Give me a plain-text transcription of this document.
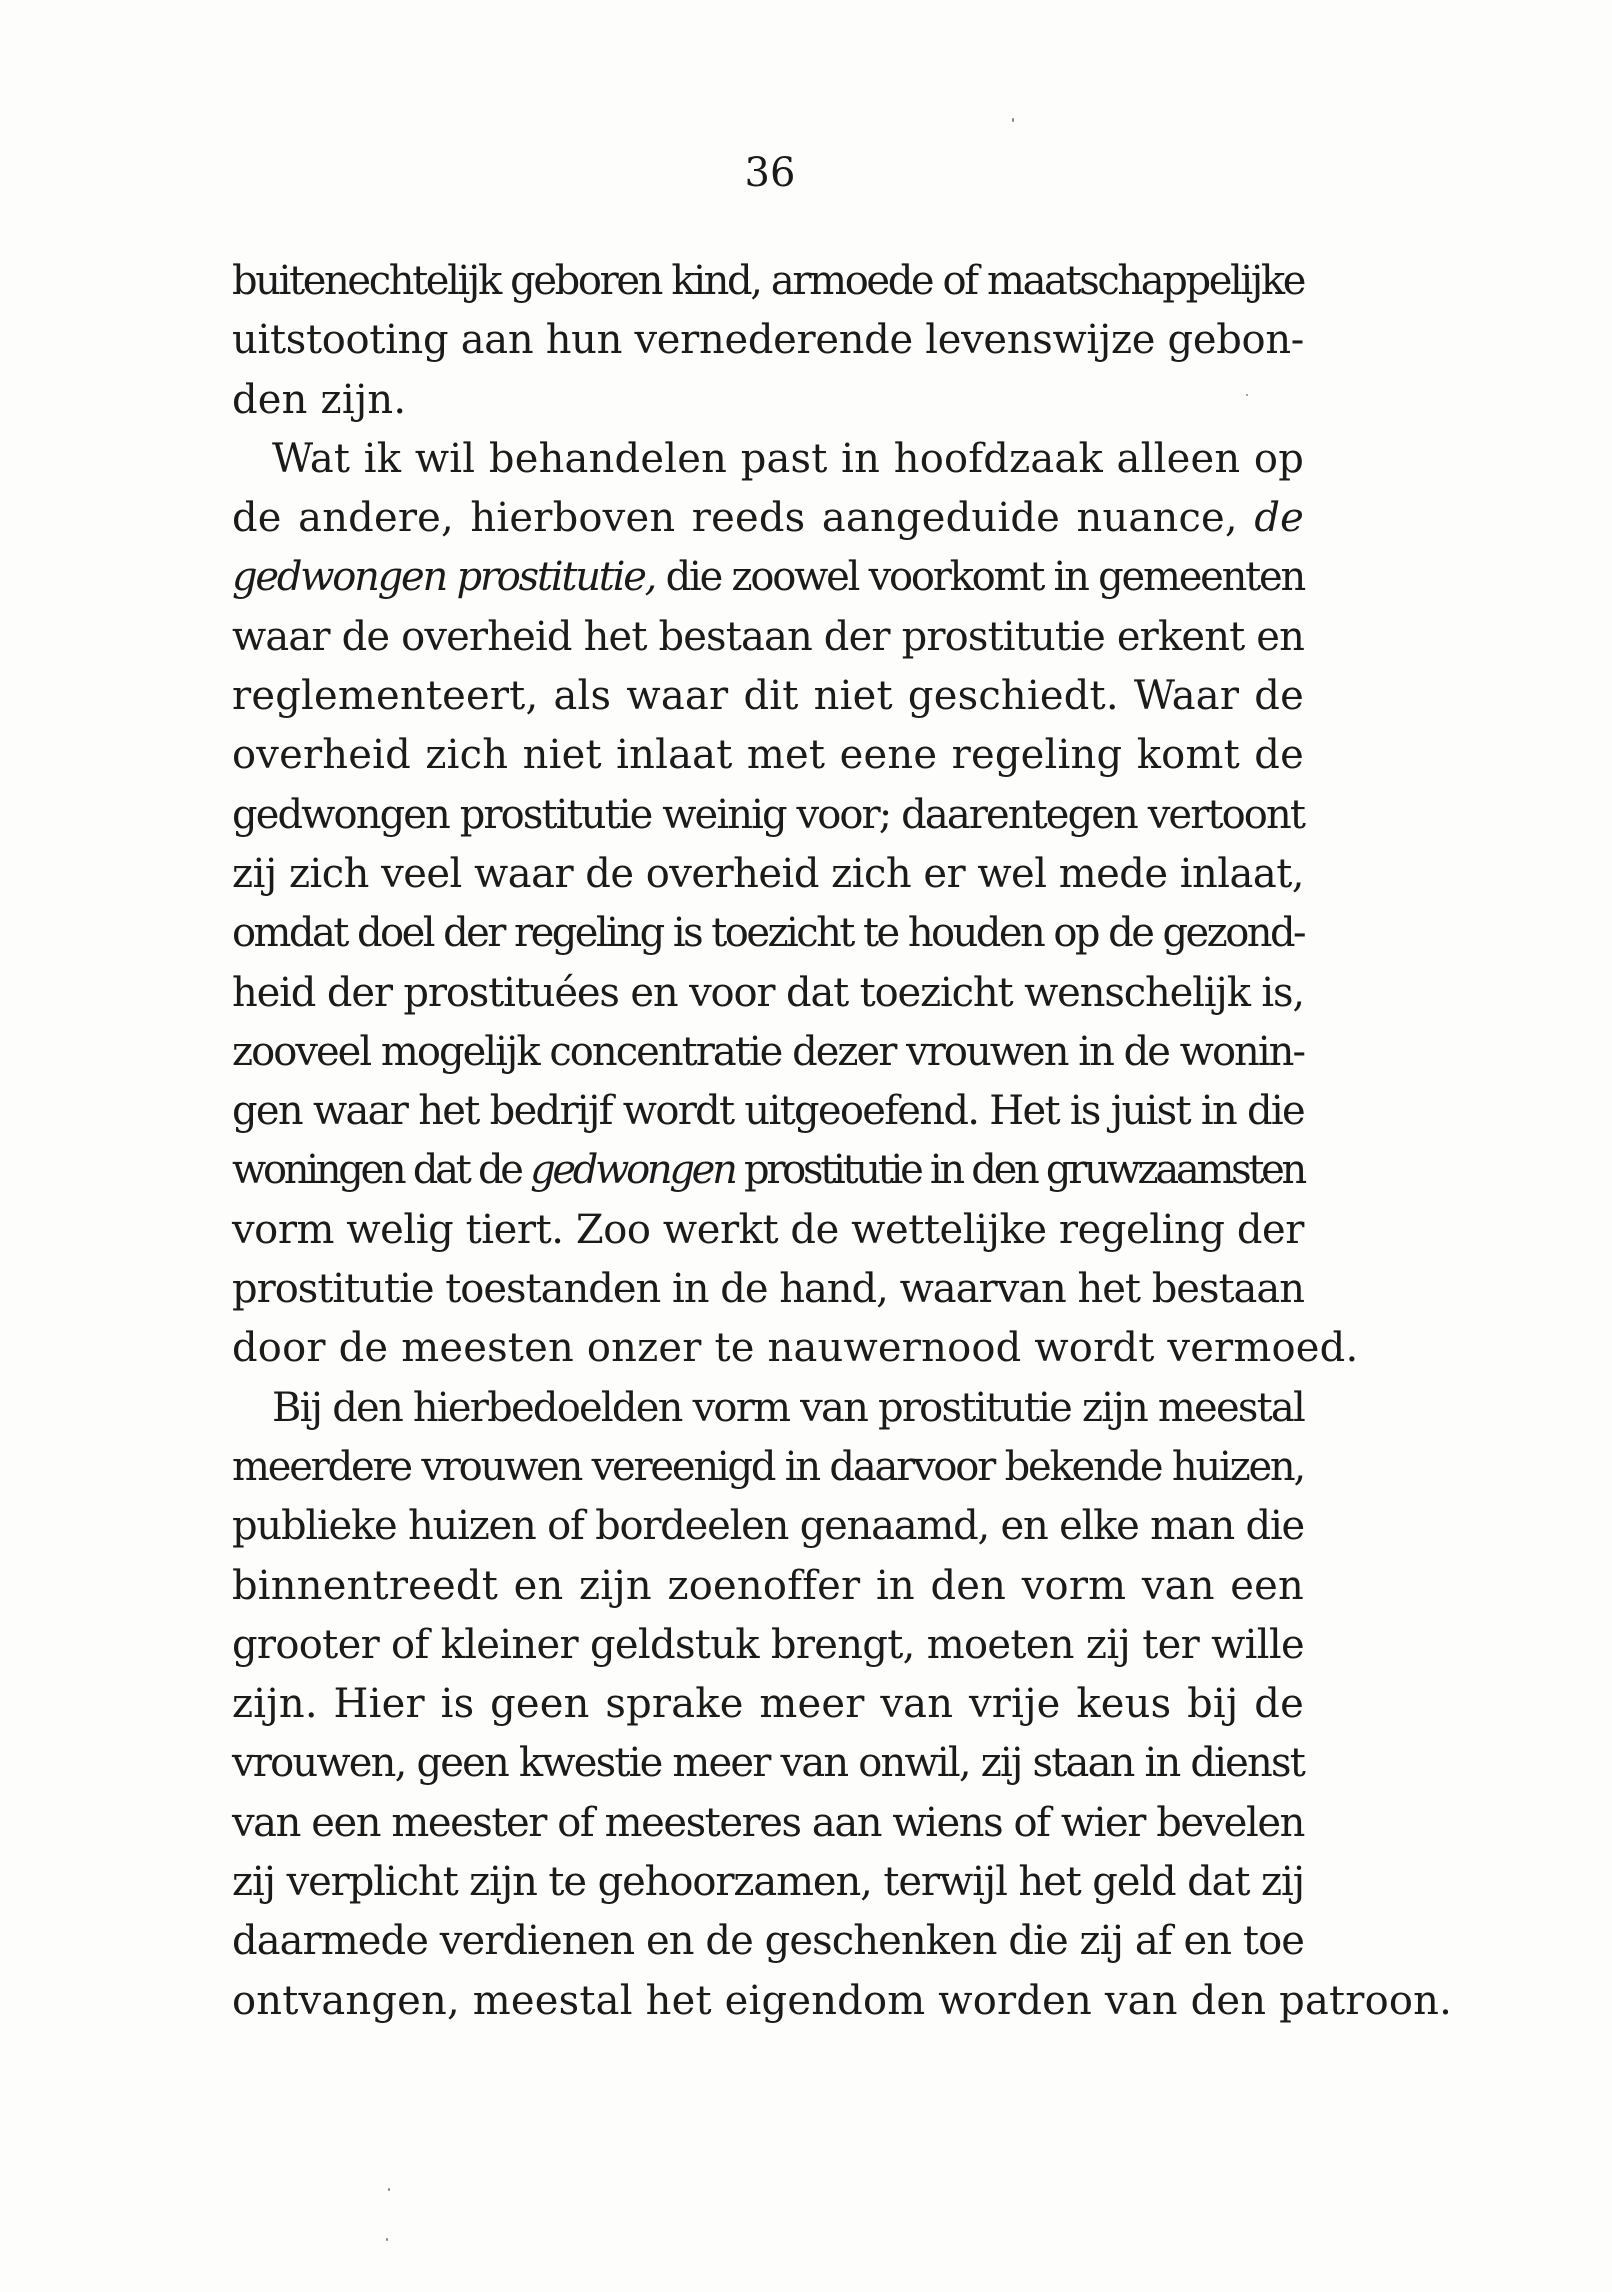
36

buitenechtelijk geboren kind, armoede of maatschappelijke
uitstooting aan hun vernederende levenswijze gebon-
den zijn.
Wat ik wil behandelen past in hoofdzaak alleen op
de andere, hierboven reeds aangeduide nuance, de
gedwongen prostitutie, die zoowel voorkomt in gemeenten
waar de overheid het bestaan der prostitutie erkent en
reglementeert, als waar dit niet geschiedt. Waar de
overheid zich niet inlaat met eene regeling komt de
gedwongen prostitutie weinig voor; daarentegen vertoont
zij zich veel waar de overheid zich er wel mede inlaat,
omdat doel der regeling is toezicht te houden op de gezond-
heid der prostituées en voor dat toezicht wenschelijk is,
zooveel mogelijk concentratie dezer vrouwen in de wonin-
gen waar het bedrijf wordt uitgeoefend. Het is juist in die
woningen dat de gedwongen prostitutie in den gruwzaamsten
vorm welig tiert. Zoo werkt de wettelijke regeling der
prostitutie toestanden in de hand, waarvan het bestaan
door de meesten onzer te nauwernood wordt vermoed.
Bij den hierbedoelden vorm van prostitutie zijn meestal
meerdere vrouwen vereenigd in daarvoor bekende huizen,
publieke huizen of bordeelen genaamd, en elke man die
binnentreedt en zijn zoenoffer in den vorm van een
grooter of kleiner geldstuk brengt, moeten zij ter wille
zijn. Hier is geen sprake meer van vrije keus bij de
vrouwen, geen kwestie meer van onwil, zij staan in dienst
van een meester of meesteres aan wiens of wier bevelen
zij verplicht zijn te gehoorzamen, terwijl het geld dat zij
daarmede verdienen en de geschenken die zij af en toe
ontvangen, meestal het eigendom worden van den patroon.
